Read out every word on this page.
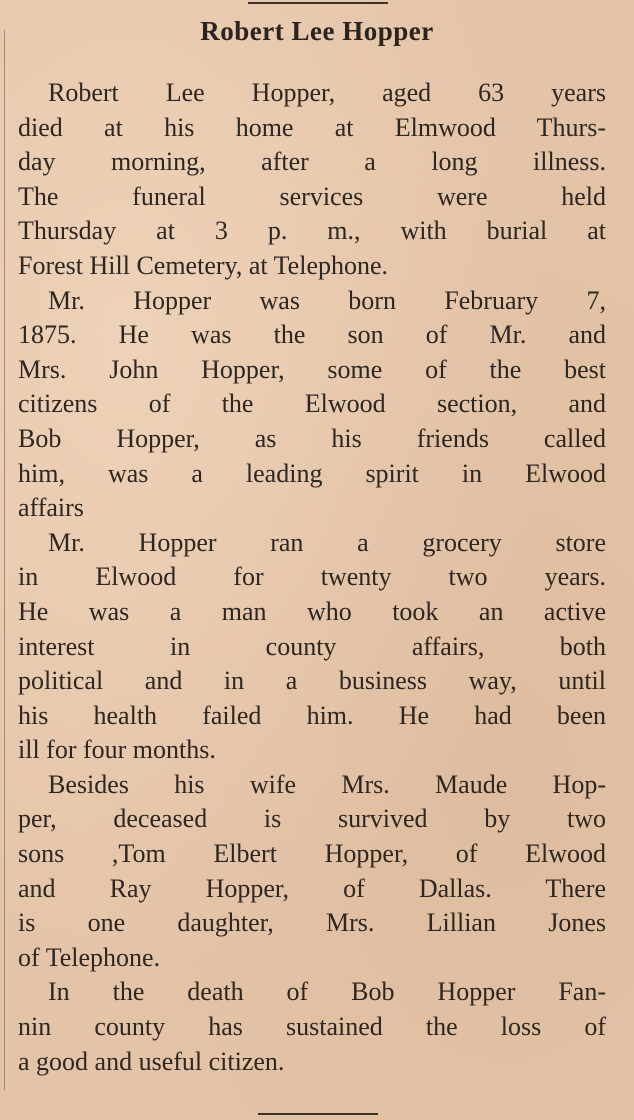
Robert Lee Hopper
Robert Lee Hopper, aged 63 years
died at his home at Elmwood Thurs-
day morning, after a long illness.
The funeral services were held
Thursday at 3 p. m., with burial at
Forest Hill Cemetery, at Telephone.
Mr. Hopper was born February 7,
1875. He was the son of Mr. and
Mrs. John Hopper, some of the best
citizens of the Elwood section, and
Bob Hopper, as his friends called
him, was a leading spirit in Elwood
affairs
Mr. Hopper ran a grocery store
in Elwood for twenty two years.
He was a man who took an active
interest in county affairs, both
political and in a business way, until
his health failed him. He had been
ill for four months.
Besides his wife Mrs. Maude Hop-
per, deceased is survived by two
sons ,Tom Elbert Hopper, of Elwood
and Ray Hopper, of Dallas. There
is one daughter, Mrs. Lillian Jones
of Telephone.
In the death of Bob Hopper Fan-
nin county has sustained the loss of
a good and useful citizen.
